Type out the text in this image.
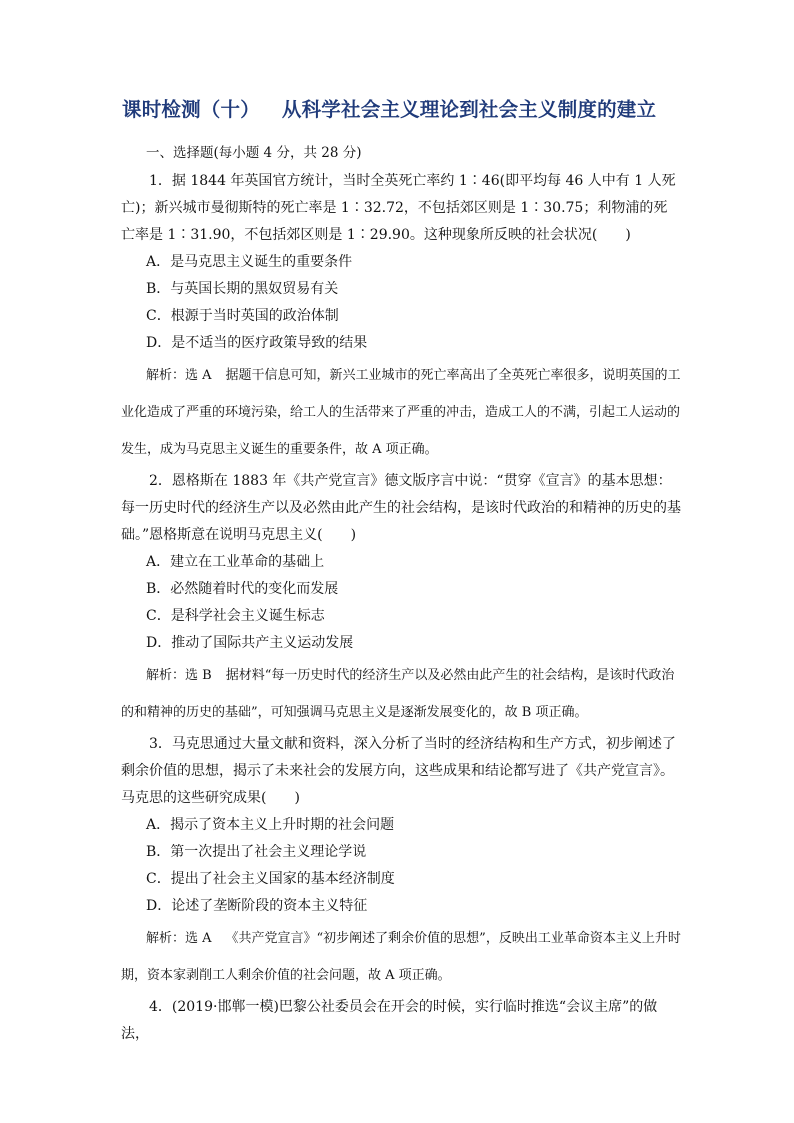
课时检测（十） 从科学社会主义理论到社会主义制度的建立
一、选择题(每小题 4 分，共 28 分)

1．据 1844 年英国官方统计，当时全英死亡率约 1∶46(即平均每 46 人中有 1 人死亡)；新兴城市曼彻斯特的死亡率是 1∶32.72，不包括郊区则是 1∶30.75；利物浦的死亡率是 1∶31.90，不包括郊区则是 1∶29.90。这种现象所反映的社会状况(　　)

A．是马克思主义诞生的重要条件

B．与英国长期的黑奴贸易有关

C．根源于当时英国的政治体制

D．是不适当的医疗政策导致的结果

解析：选 A 据题干信息可知，新兴工业城市的死亡率高出了全英死亡率很多，说明英国的工业化造成了严重的环境污染，给工人的生活带来了严重的冲击，造成工人的不满，引起工人运动的发生，成为马克思主义诞生的重要条件，故 A 项正确。

2．恩格斯在 1883 年《共产党宣言》德文版序言中说：“贯穿《宣言》的基本思想：每一历史时代的经济生产以及必然由此产生的社会结构，是该时代政治的和精神的历史的基础。”恩格斯意在说明马克思主义(　　)

A．建立在工业革命的基础上

B．必然随着时代的变化而发展

C．是科学社会主义诞生标志

D．推动了国际共产主义运动发展

解析：选 B 据材料“每一历史时代的经济生产以及必然由此产生的社会结构，是该时代政治的和精神的历史的基础”，可知强调马克思主义是逐渐发展变化的，故 B 项正确。

3．马克思通过大量文献和资料，深入分析了当时的经济结构和生产方式，初步阐述了剩余价值的思想，揭示了未来社会的发展方向，这些成果和结论都写进了《共产党宣言》。马克思的这些研究成果(　　)

A．揭示了资本主义上升时期的社会问题

B．第一次提出了社会主义理论学说

C．提出了社会主义国家的基本经济制度

D．论述了垄断阶段的资本主义特征

解析：选 A 《共产党宣言》“初步阐述了剩余价值的思想”，反映出工业革命资本主义上升时期，资本家剥削工人剩余价值的社会问题，故 A 项正确。

4．(2019·邯郸一模)巴黎公社委员会在开会的时候，实行临时推选“会议主席”的做法，
